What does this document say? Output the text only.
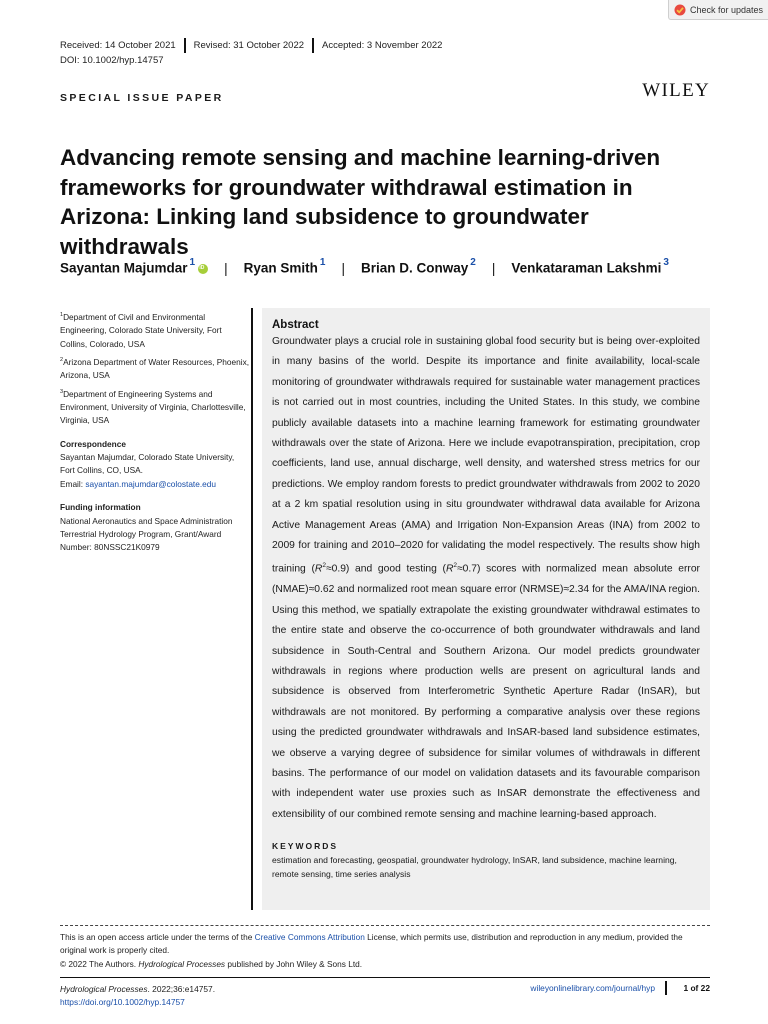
Check for updates
Received: 14 October 2021	Revised: 31 October 2022	Accepted: 3 November 2022
DOI: 10.1002/hyp.14757
SPECIAL ISSUE PAPER	WILEY
Advancing remote sensing and machine learning-driven frameworks for groundwater withdrawal estimation in Arizona: Linking land subsidence to groundwater withdrawals
Sayantan Majumdar $^1$
iD | Ryan Smith $^1$ | Brian D. Conway $^2$ | Venkataraman Lakshmi $^3$
$^1$Department of Civil and Environmental Engineering, Colorado State University, Fort Collins, Colorado, USA
$^2$Arizona Department of Water Resources, Phoenix, Arizona, USA
$^3$Department of Engineering Systems and Environment, University of Virginia, Charlottesville, Virginia, USA
Correspondence
Sayantan Majumdar, Colorado State University, Fort Collins, CO, USA.
Email: sayantan.majumdar@colostate.edu
Funding information
National Aeronautics and Space Administration Terrestrial Hydrology Program, Grant/Award Number: 80NSSC21K0979
Abstract

Groundwater plays a crucial role in sustaining global food security but is being over-exploited in many basins of the world. Despite its importance and finite availability, local-scale monitoring of groundwater withdrawals required for sustainable water management practices is not carried out in most countries, including the United States. In this study, we combine publicly available datasets into a machine learning framework for estimating groundwater withdrawals over the state of Arizona. Here we include evapotranspiration, precipitation, crop coefficients, land use, annual discharge, well density, and watershed stress metrics for our predictions. We employ random forests to predict groundwater withdrawals from 2002 to 2020 at a 2 km spatial resolution using in situ groundwater withdrawal data available for Arizona Active Management Areas (AMA) and Irrigation Non-Expansion Areas (INA) from 2002 to 2009 for training and 2010–2020 for validating the model respectively. The results show high training $(R^2\approx 0.9)$ and good testing $(R^2\approx 0.7)$ scores with normalized mean absolute error (NMAE)≈0.62 and normalized root mean square error (NRMSE)≈2.34 for the AMA/INA region. Using this method, we spatially extrapolate the existing groundwater withdrawal estimates to the entire state and observe the co-occurrence of both groundwater withdrawals and land subsidence in South-Central and Southern Arizona. Our model predicts groundwater withdrawals in regions where production wells are present on agricultural lands and subsidence is observed from Interferometric Synthetic Aperture Radar (InSAR), but withdrawals are not monitored. By performing a comparative analysis over these regions using the predicted groundwater withdrawals and InSAR-based land subsidence estimates, we observe a varying degree of subsidence for similar volumes of withdrawals in different basins. The performance of our model on validation datasets and its favourable comparison with independent water use proxies such as InSAR demonstrate the effectiveness and extensibility of our combined remote sensing and machine learning-based approach.

KEYWORDS
estimation and forecasting, geospatial, groundwater hydrology, InSAR, land subsidence, machine learning, remote sensing, time series analysis
This is an open access article under the terms of the Creative Commons Attribution License, which permits use, distribution and reproduction in any medium, provided the original work is properly cited.
© 2022 The Authors. Hydrological Processes published by John Wiley & Sons Ltd.
Hydrological Processes. 2022;36:e14757.
https://doi.org/10.1002/hyp.14757
wileyonlinelibrary.com/journal/hyp	1 of 22
